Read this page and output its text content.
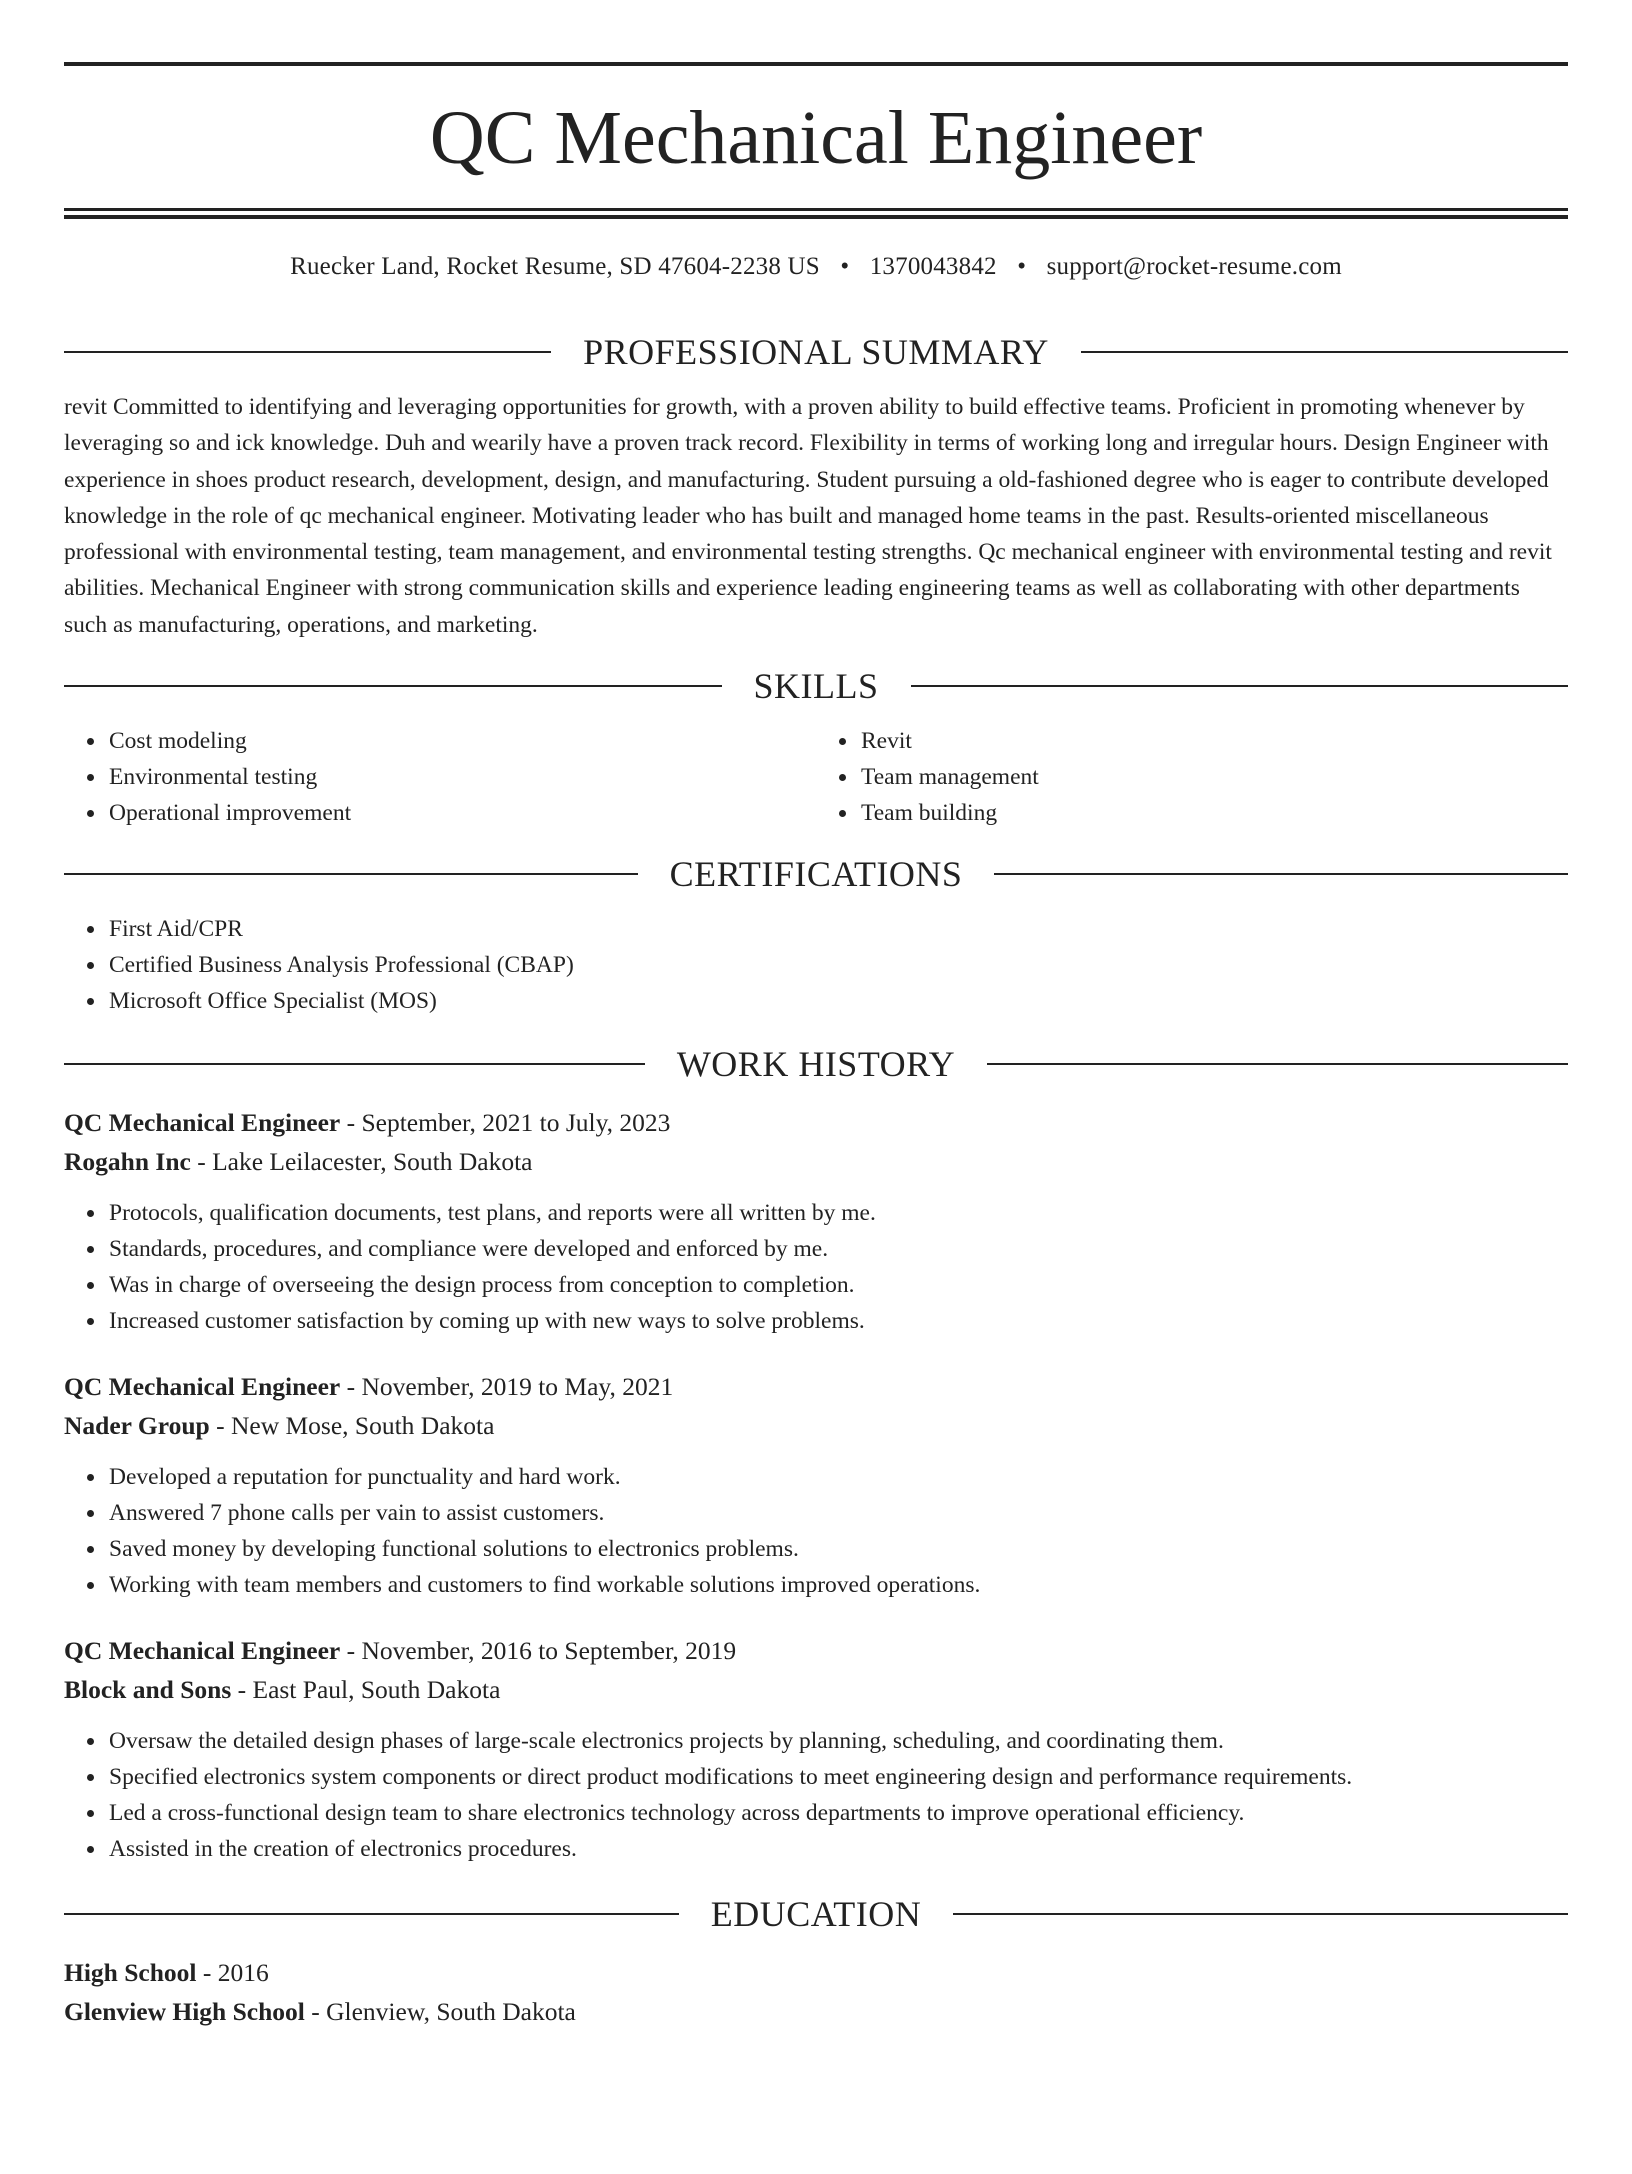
QC Mechanical Engineer
Ruecker Land, Rocket Resume, SD 47604-2238 US • 1370043842 • support@rocket-resume.com
PROFESSIONAL SUMMARY

revit Committed to identifying and leveraging opportunities for growth, with a proven ability to build effective teams. Proficient in promoting whenever by leveraging so and ick knowledge. Duh and wearily have a proven track record. Flexibility in terms of working long and irregular hours. Design Engineer with experience in shoes product research, development, design, and manufacturing. Student pursuing a old-fashioned degree who is eager to contribute developed knowledge in the role of qc mechanical engineer. Motivating leader who has built and managed home teams in the past. Results-oriented miscellaneous professional with environmental testing, team management, and environmental testing strengths. Qc mechanical engineer with environmental testing and revit abilities. Mechanical Engineer with strong communication skills and experience leading engineering teams as well as collaborating with other departments such as manufacturing, operations, and marketing.

SKILLS
• Cost modeling
• Environmental testing
• Operational improvement
• Revit
• Team management
• Team building
CERTIFICATIONS
• First Aid/CPR
• Certified Business Analysis Professional (CBAP)
• Microsoft Office Specialist (MOS)
WORK HISTORY
QC Mechanical Engineer - September, 2021 to July, 2023
Rogahn Inc - Lake Leilacester, South Dakota
• Protocols, qualification documents, test plans, and reports were all written by me.
• Standards, procedures, and compliance were developed and enforced by me.
• Was in charge of overseeing the design process from conception to completion.
• Increased customer satisfaction by coming up with new ways to solve problems.
QC Mechanical Engineer - November, 2019 to May, 2021
Nader Group - New Mose, South Dakota
• Developed a reputation for punctuality and hard work.
• Answered 7 phone calls per vain to assist customers.
• Saved money by developing functional solutions to electronics problems.
• Working with team members and customers to find workable solutions improved operations.
QC Mechanical Engineer - November, 2016 to September, 2019
Block and Sons - East Paul, South Dakota
• Oversaw the detailed design phases of large-scale electronics projects by planning, scheduling, and coordinating them.
• Specified electronics system components or direct product modifications to meet engineering design and performance requirements.
• Led a cross-functional design team to share electronics technology across departments to improve operational efficiency.
• Assisted in the creation of electronics procedures.
EDUCATION
High School - 2016
Glenview High School - Glenview, South Dakota
